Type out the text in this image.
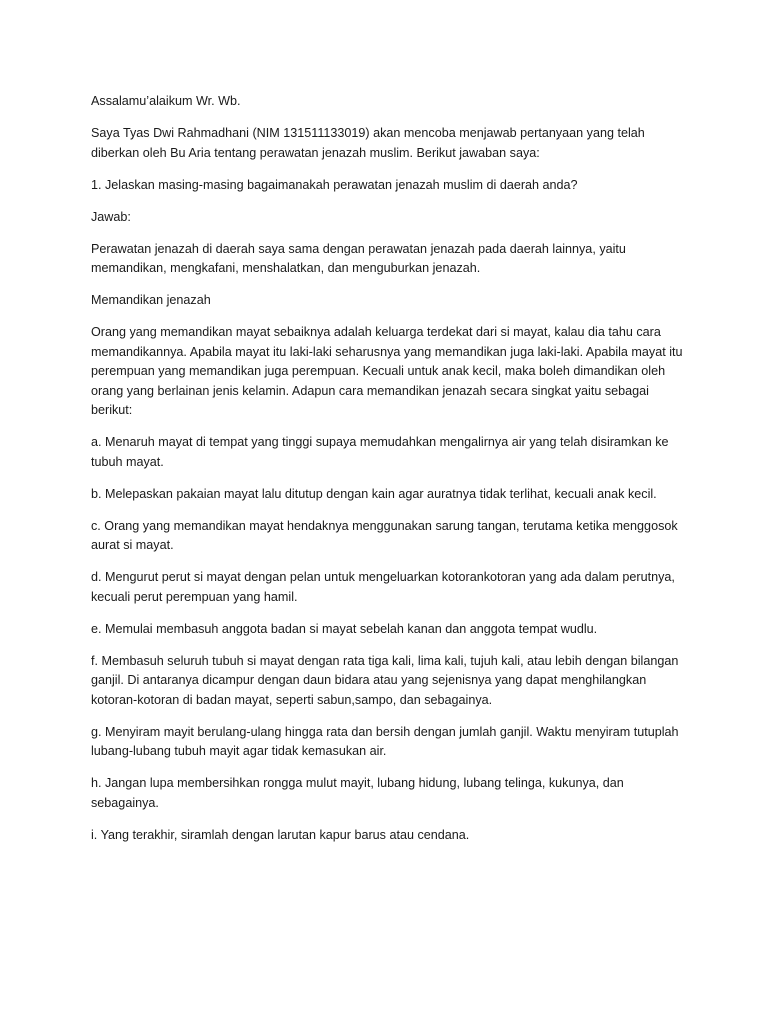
Assalamu’alaikum Wr. Wb.

Saya Tyas Dwi Rahmadhani (NIM 131511133019) akan mencoba menjawab pertanyaan yang telah diberkan oleh Bu Aria tentang perawatan jenazah muslim. Berikut jawaban saya:

1. Jelaskan masing-masing bagaimanakah perawatan jenazah muslim di daerah anda?

Jawab:

Perawatan jenazah di daerah saya sama dengan perawatan jenazah pada daerah lainnya, yaitu memandikan, mengkafani, menshalatkan, dan menguburkan jenazah.

Memandikan jenazah

Orang yang memandikan mayat sebaiknya adalah keluarga terdekat dari si mayat, kalau dia tahu cara memandikannya. Apabila mayat itu laki-laki seharusnya yang memandikan juga laki-laki. Apabila mayat itu perempuan yang memandikan juga perempuan. Kecuali untuk anak kecil, maka boleh dimandikan oleh orang yang berlainan jenis kelamin. Adapun cara memandikan jenazah secara singkat yaitu sebagai berikut:

a. Menaruh mayat di tempat yang tinggi supaya memudahkan mengalirnya air yang telah disiramkan ke tubuh mayat.

b. Melepaskan pakaian mayat lalu ditutup dengan kain agar auratnya tidak terlihat, kecuali anak kecil.

c. Orang yang memandikan mayat hendaknya menggunakan sarung tangan, terutama ketika menggosok aurat si mayat.

d. Mengurut perut si mayat dengan pelan untuk mengeluarkan kotorankotoran yang ada dalam perutnya, kecuali perut perempuan yang hamil.

e. Memulai membasuh anggota badan si mayat sebelah kanan dan anggota tempat wudlu.

f. Membasuh seluruh tubuh si mayat dengan rata tiga kali, lima kali, tujuh kali, atau lebih dengan bilangan ganjil. Di antaranya dicampur dengan daun bidara atau yang sejenisnya yang dapat menghilangkan kotoran-kotoran di badan mayat, seperti sabun,sampo, dan sebagainya.

g. Menyiram mayit berulang-ulang hingga rata dan bersih dengan jumlah ganjil. Waktu menyiram tutuplah lubang-lubang tubuh mayit agar tidak kemasukan air.

h. Jangan lupa membersihkan rongga mulut mayit, lubang hidung, lubang telinga, kukunya, dan sebagainya.

i. Yang terakhir, siramlah dengan larutan kapur barus atau cendana.
